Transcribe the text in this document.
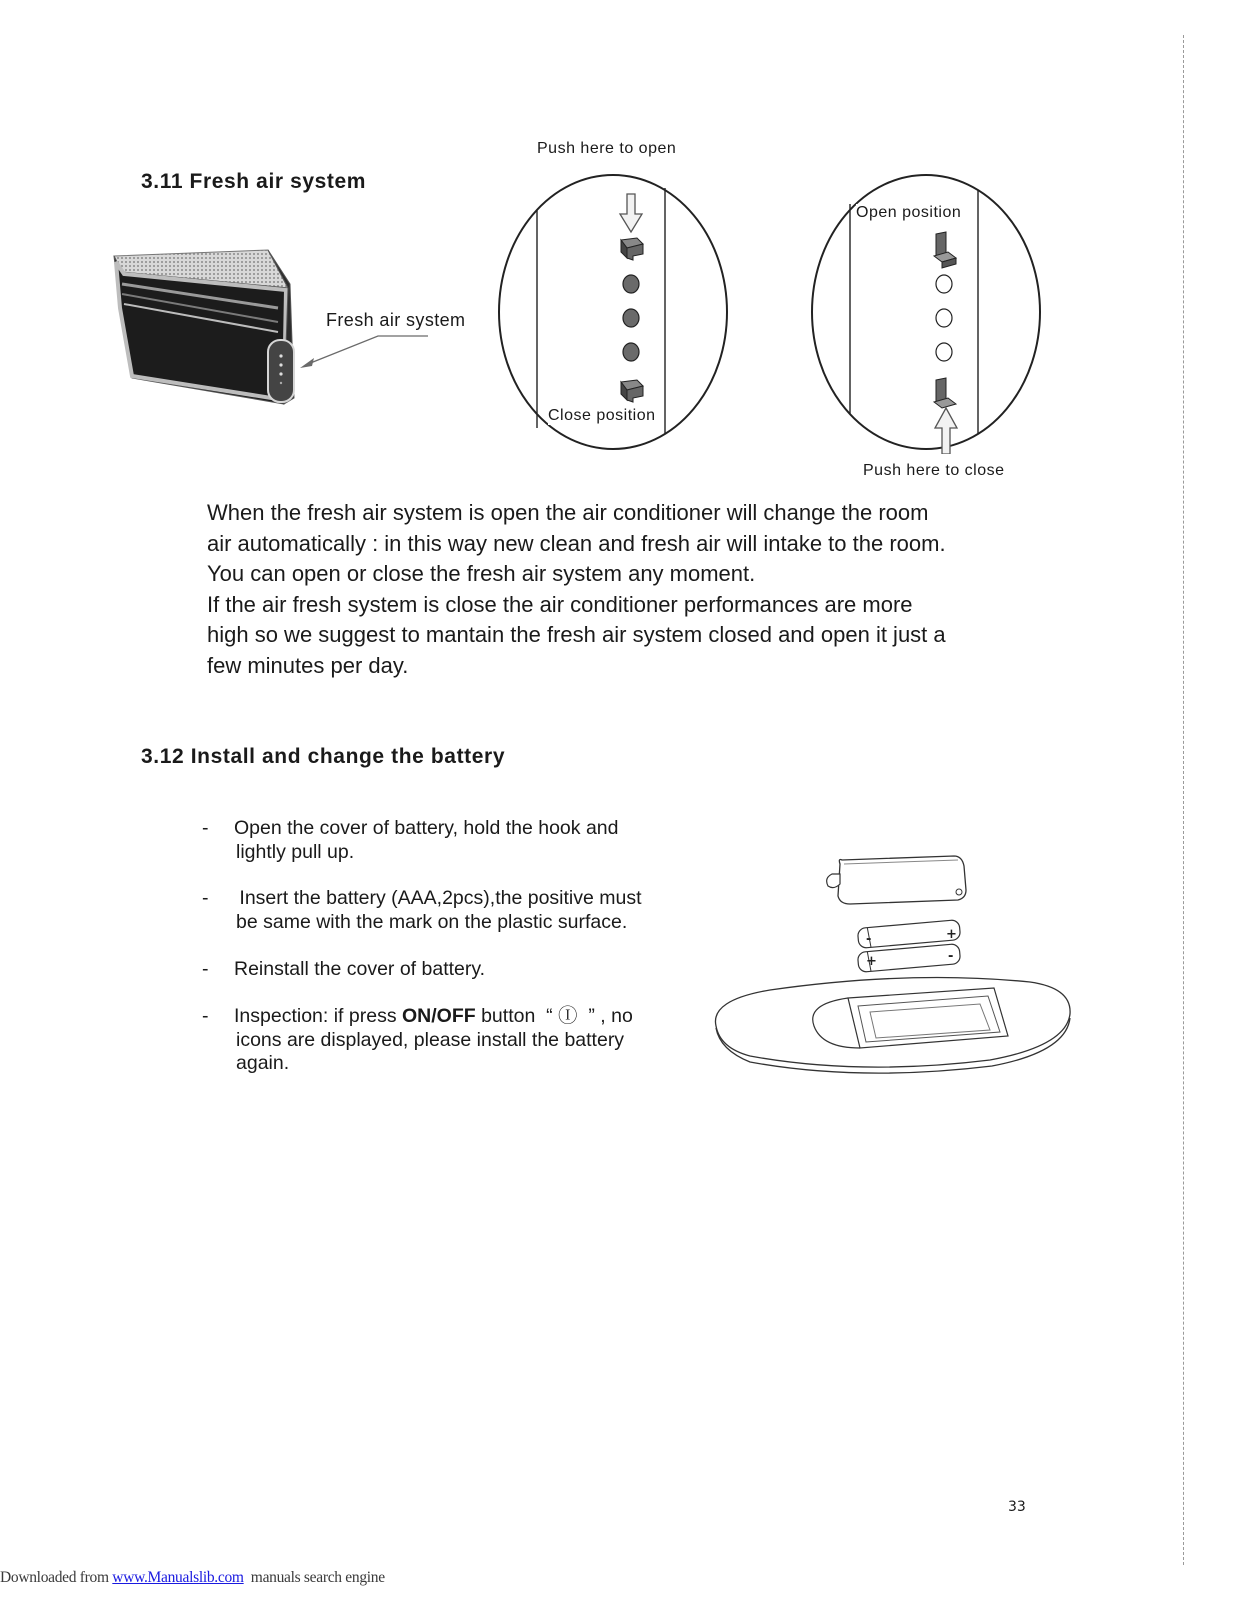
3.11 Fresh air system
Fresh air system
Push here to open
Close position
Open position
Push here to close
When the fresh air system is open the air conditioner will change the room
air automatically : in this way new clean and fresh air will intake to the room.
You can open or close the fresh air system any moment.
If the air fresh system is close the air conditioner performances are more
high so we suggest to mantain the fresh air system closed and open it just a
few minutes per day.
3.12 Install and change the battery
- Open the cover of battery, hold the hook and
lightly pull up.
- Insert the battery (AAA,2pcs),the positive must
be same with the mark on the plastic surface.
- Reinstall the cover of battery.
- Inspection: if press ON/OFF button  “ Ⓘ  ” , no
icons are displayed, please install the battery
again.
+
-
+	-
33
Downloaded from www.Manualslib.com  manuals search engine
